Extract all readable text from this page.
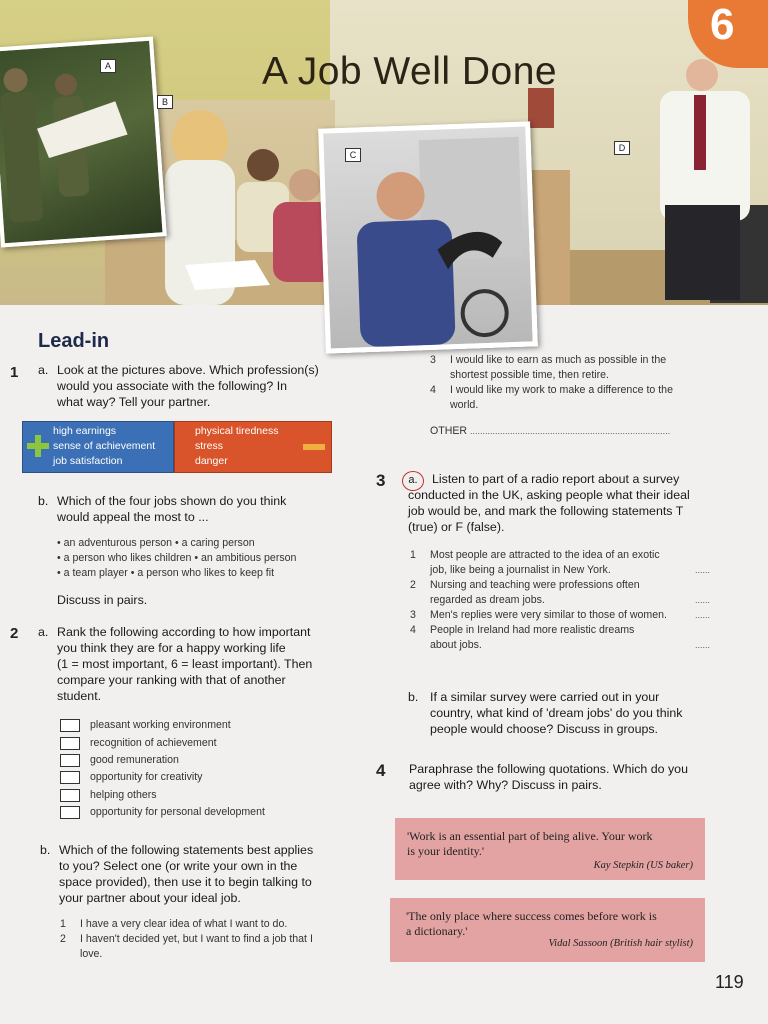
A
B
C
D
6
A Job Well Done
Lead-in
1 a. Look at the pictures above. Which profession(s)
would you associate with the following? In
what way? Tell your partner.
high earnings
sense of achievement
job satisfaction
physical tiredness
stress
danger
b. Which of the four jobs shown do you think
would appeal the most to ...
• an adventurous person • a caring person
• a person who likes children • an ambitious person
• a team player • a person who likes to keep fit
Discuss in pairs.
2 a. Rank the following according to how important
you think they are for a happy working life
(1 = most important, 6 = least important). Then
compare your ranking with that of another
student.
pleasant working environment
recognition of achievement
good remuneration
opportunity for creativity
helping others
opportunity for personal development
b. Which of the following statements best applies
to you? Select one (or write your own in the
space provided), then use it to begin talking to
your partner about your ideal job.
1	I have a very clear idea of what I want to do.
2	I haven't decided yet, but I want to find a job that I
love.
3	I would like to earn as much as possible in the
shortest possible time, then retire.
4	I would like my work to make a difference to the
world.
OTHER ................................................................................
3	a.	Listen to part of a radio report about a survey
conducted in the UK, asking people what their ideal
job would be, and mark the following statements T
(true) or F (false).
1	Most people are attracted to the idea of an exotic
job, like being a journalist in New York.	......
2	Nursing and teaching were professions often
regarded as dream jobs.	......
3	Men's replies were very similar to those of women.	......
4	People in Ireland had more realistic dreams
about jobs.	......
b. If a similar survey were carried out in your
country, what kind of 'dream jobs' do you think
people would choose? Discuss in groups.
4 Paraphrase the following quotations. Which do you
agree with? Why? Discuss in pairs.
'Work is an essential part of being alive. Your work
is your identity.'
Kay Stepkin (US baker)
'The only place where success comes before work is
a dictionary.'
Vidal Sassoon (British hair stylist)
119
